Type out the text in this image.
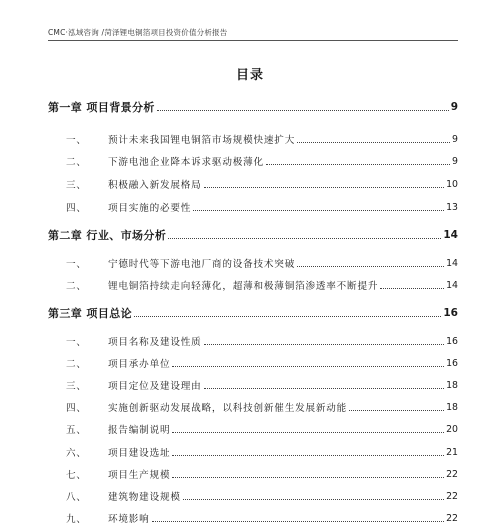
CMC·泓域咨询 /菏泽锂电铜箔项目投资价值分析报告
目录
第一章 项目背景分析	9
一、	预计未来我国锂电铜箔市场规模快速扩大	9
二、	下游电池企业降本诉求驱动极薄化	9
三、	积极融入新发展格局	10
四、	项目实施的必要性	13
第二章 行业、市场分析	14
一、	宁德时代等下游电池厂商的设备技术突破	14
二、	锂电铜箔持续走向轻薄化，超薄和极薄铜箔渗透率不断提升	14
第三章 项目总论	16
一、	项目名称及建设性质	16
二、	项目承办单位	16
三、	项目定位及建设理由	18
四、	实施创新驱动发展战略，以科技创新催生发展新动能	18
五、	报告编制说明	20
六、	项目建设选址	21
七、	项目生产规模	22
八、	建筑物建设规模	22
九、	环境影响	22
